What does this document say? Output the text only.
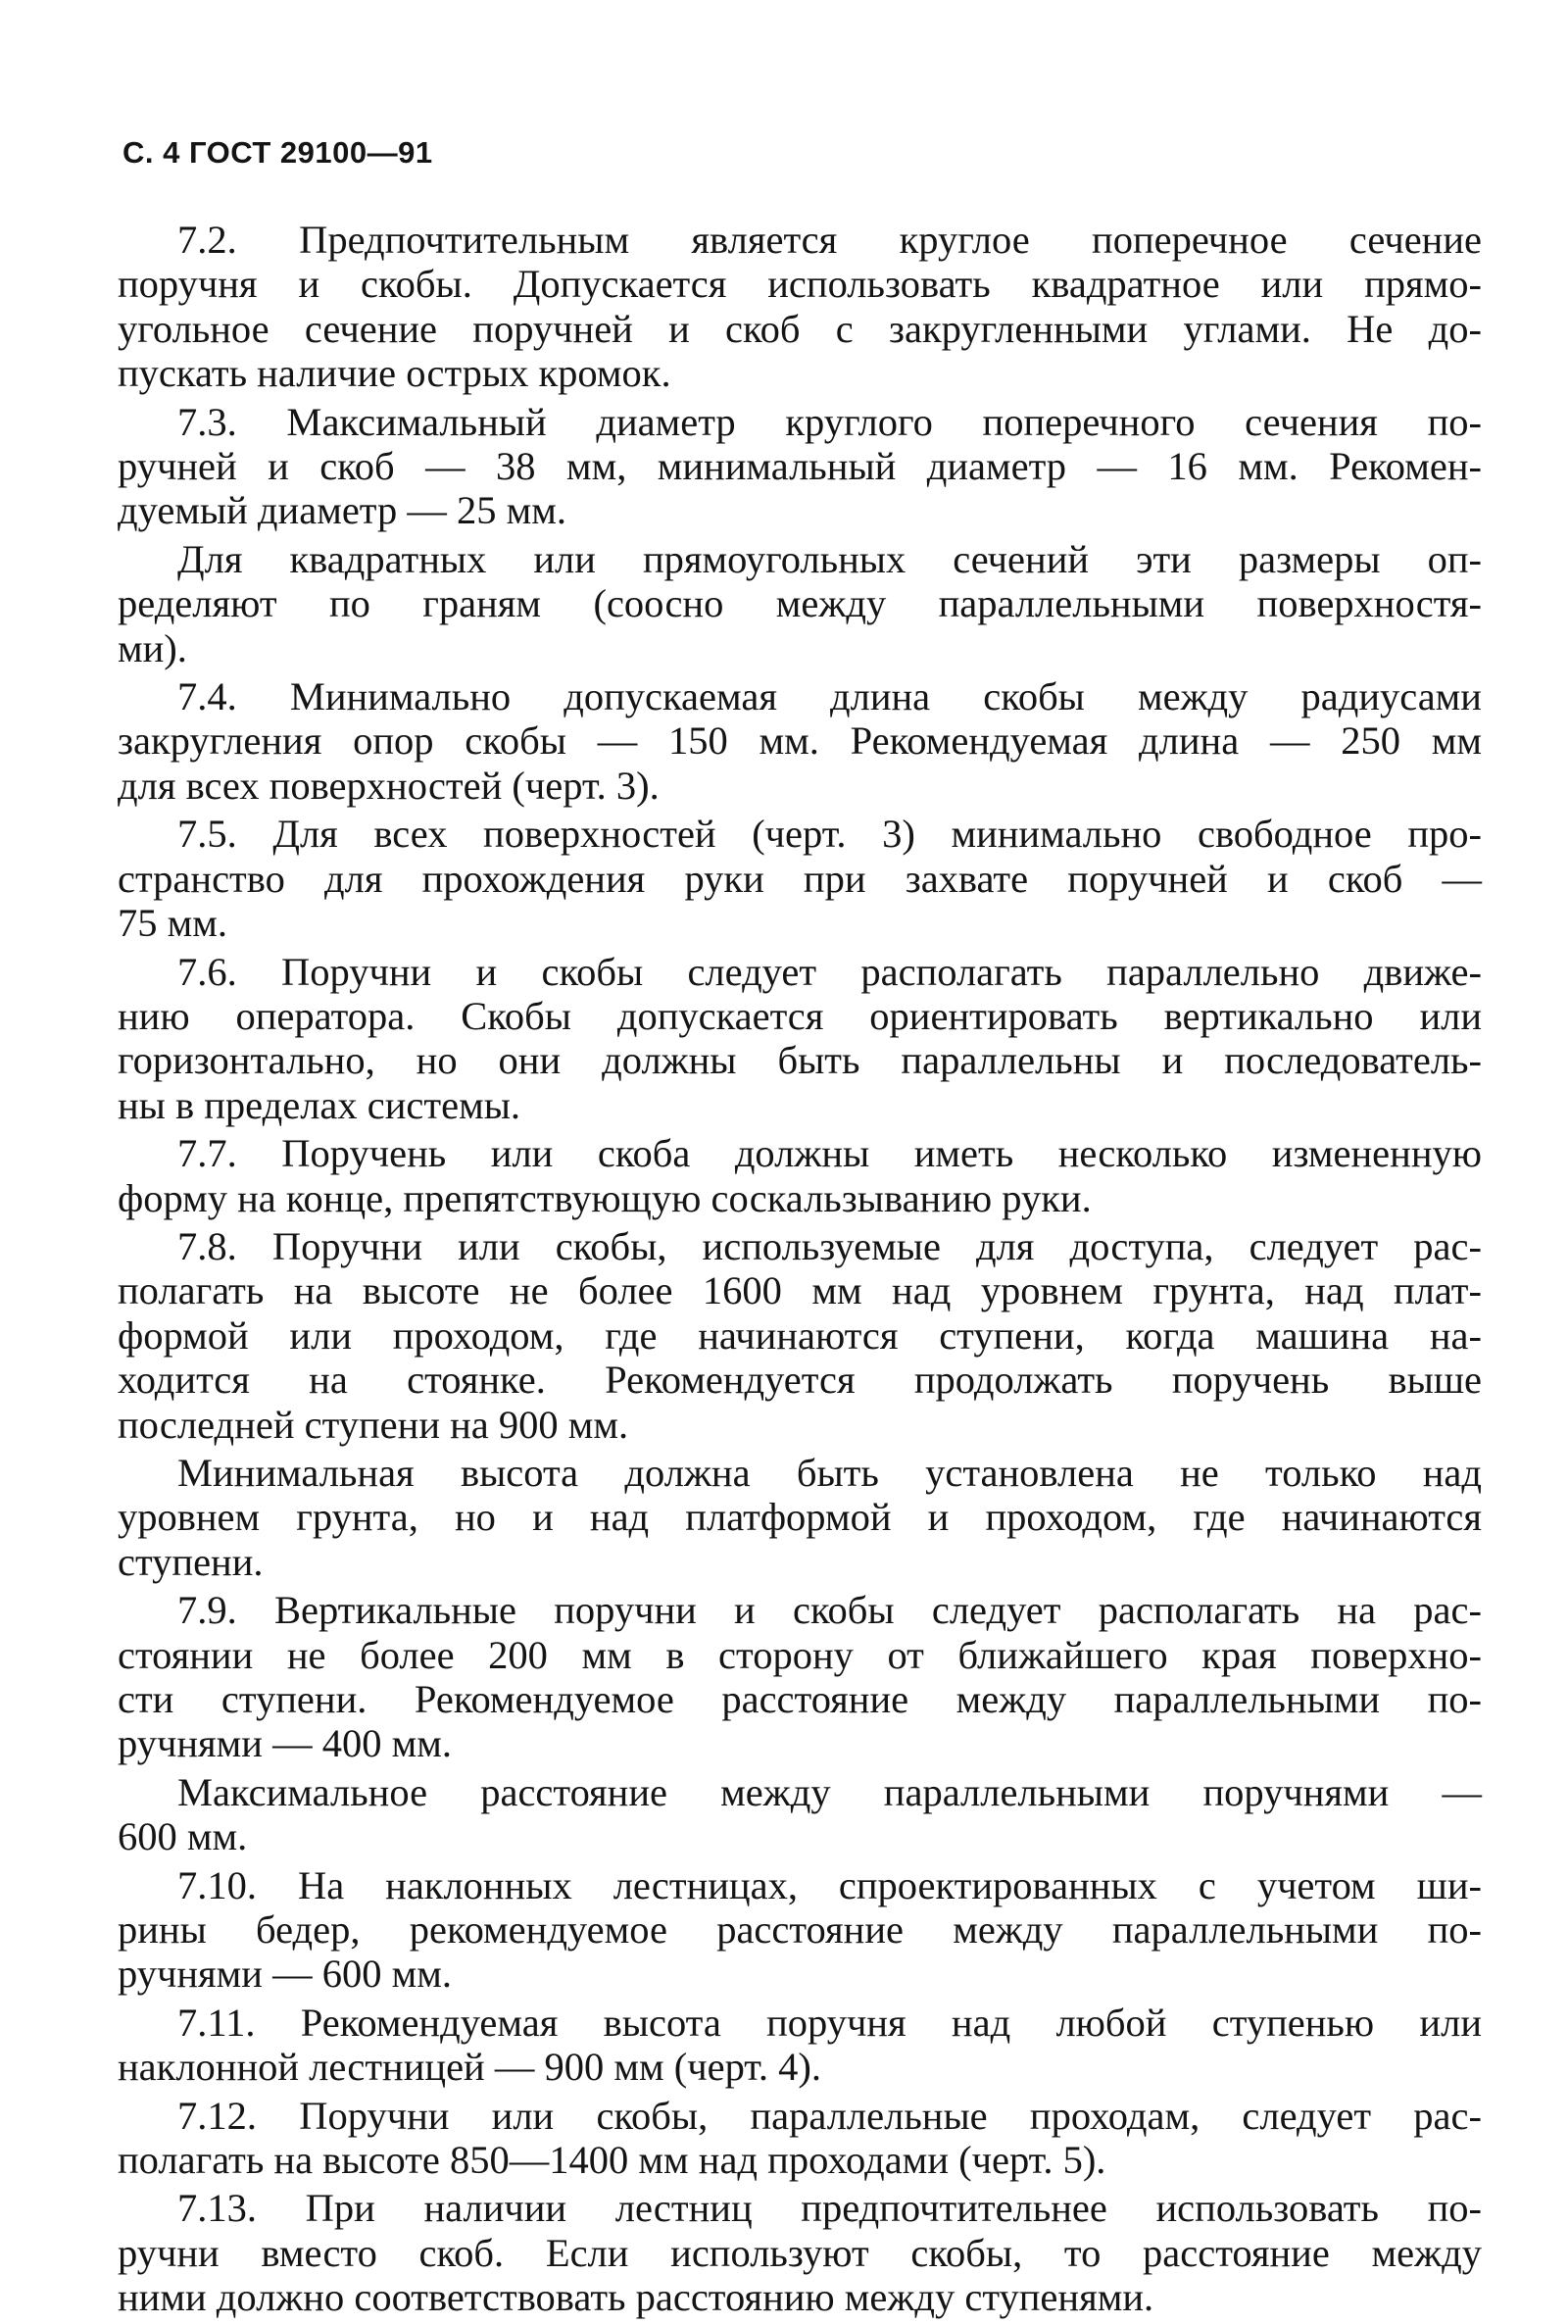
С. 4 ГОСТ 29100—91
7.2. Предпочтительным является круглое поперечное сечение
поручня и скобы. Допускается использовать квадратное или прямо-
угольное сечение поручней и скоб с закругленными углами. Не до-
пускать наличие острых кромок.
7.3. Максимальный диаметр круглого поперечного сечения по-
ручней и скоб — 38 мм, минимальный диаметр — 16 мм. Рекомен-
дуемый диаметр — 25 мм.
Для квадратных или прямоугольных сечений эти размеры оп-
ределяют по граням (соосно между параллельными поверхностя-
ми).
7.4. Минимально допускаемая длина скобы между радиусами
закругления опор скобы — 150 мм. Рекомендуемая длина — 250 мм
для всех поверхностей (черт. 3).
7.5. Для всех поверхностей (черт. 3) минимально свободное про-
странство для прохождения руки при захвате поручней и скоб —
75 мм.
7.6. Поручни и скобы следует располагать параллельно движе-
нию оператора. Скобы допускается ориентировать вертикально или
горизонтально, но они должны быть параллельны и последователь-
ны в пределах системы.
7.7. Поручень или скоба должны иметь несколько измененную
форму на конце, препятствующую соскальзыванию руки.
7.8. Поручни или скобы, используемые для доступа, следует рас-
полагать на высоте не более 1600 мм над уровнем грунта, над плат-
формой или проходом, где начинаются ступени, когда машина на-
ходится на стоянке. Рекомендуется продолжать поручень выше
последней ступени на 900 мм.
Минимальная высота должна быть установлена не только над
уровнем грунта, но и над платформой и проходом, где начинаются
ступени.
7.9. Вертикальные поручни и скобы следует располагать на рас-
стоянии не более 200 мм в сторону от ближайшего края поверхно-
сти ступени. Рекомендуемое расстояние между параллельными по-
ручнями — 400 мм.
Максимальное расстояние между параллельными поручнями —
600 мм.
7.10. На наклонных лестницах, спроектированных с учетом ши-
рины бедер, рекомендуемое расстояние между параллельными по-
ручнями — 600 мм.
7.11. Рекомендуемая высота поручня над любой ступенью или
наклонной лестницей — 900 мм (черт. 4).
7.12. Поручни или скобы, параллельные проходам, следует рас-
полагать на высоте 850—1400 мм над проходами (черт. 5).
7.13. При наличии лестниц предпочтительнее использовать по-
ручни вместо скоб. Если используют скобы, то расстояние между
ними должно соответствовать расстоянию между ступенями.
